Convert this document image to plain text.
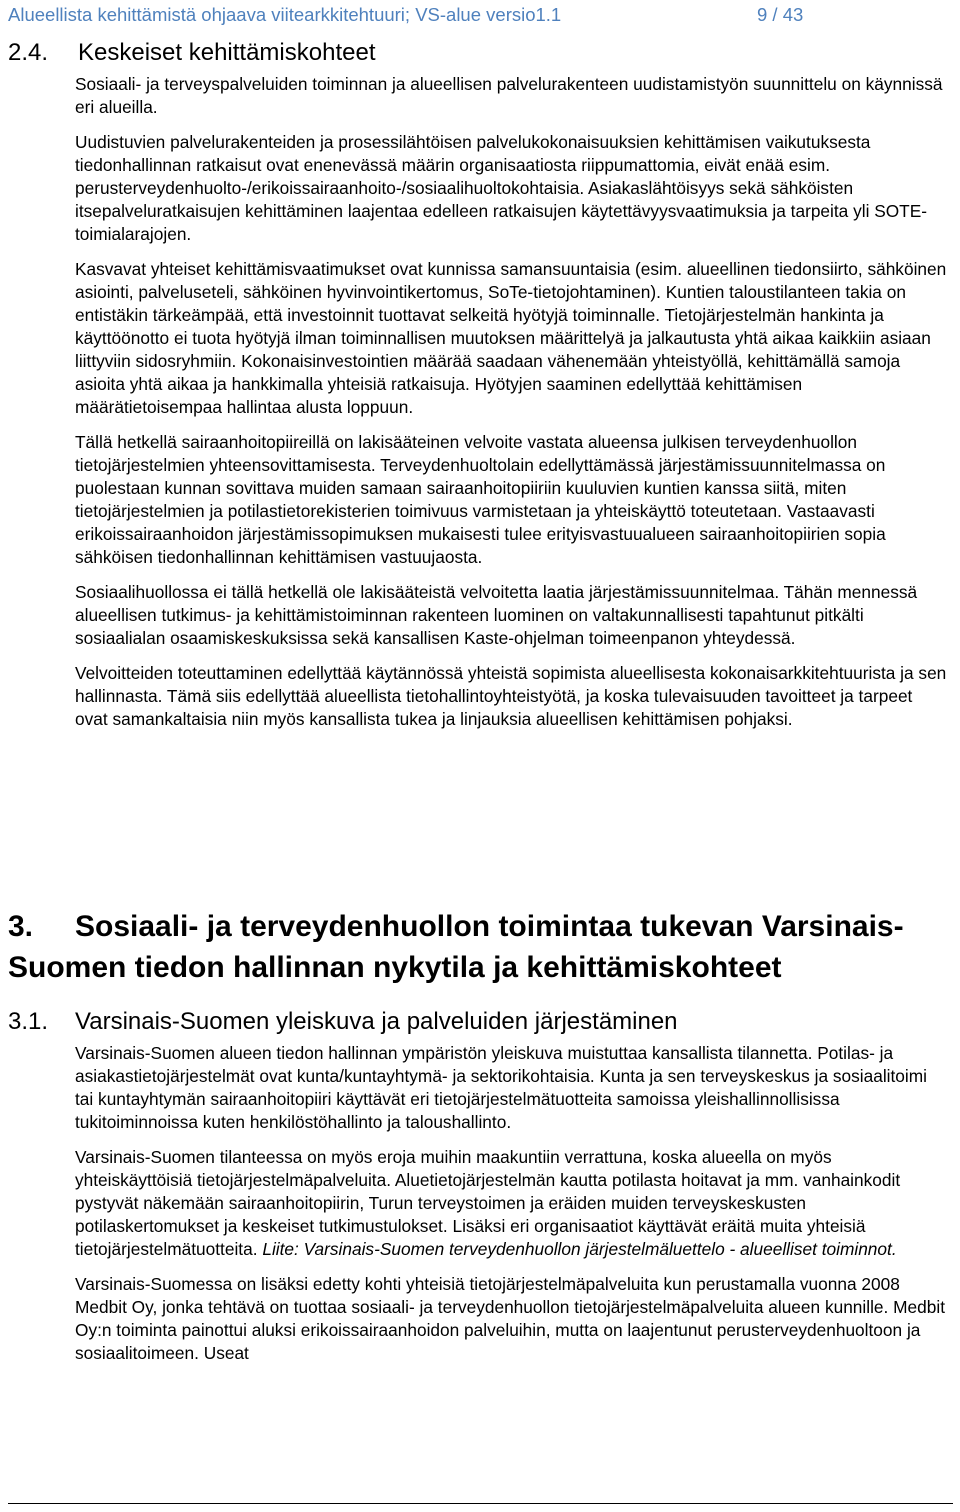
Alueellista kehittämistä ohjaava viitearkkitehtuuri; VS-alue versio1.1	9 / 43
2.4. Keskeiset kehittämiskohteet

Sosiaali- ja terveyspalveluiden toiminnan ja alueellisen palvelurakenteen uudistamistyön suunnittelu on käynnissä eri alueilla.

Uudistuvien palvelurakenteiden ja prosessilähtöisen palvelukokonaisuuksien kehittämisen vaikutuksesta tiedonhallinnan ratkaisut ovat enenevässä määrin organisaatiosta riippumattomia, eivät enää esim. perusterveydenhuolto-/erikoissairaanhoito-/sosiaalihuoltokohtaisia. Asiakaslähtöisyys sekä sähköisten itsepalveluratkaisujen kehittäminen laajentaa edelleen ratkaisujen käytettävyysvaatimuksia ja tarpeita yli SOTE-toimialarajojen.

Kasvavat yhteiset kehittämisvaatimukset ovat kunnissa samansuuntaisia (esim. alueellinen tiedonsiirto, sähköinen asiointi, palveluseteli, sähköinen hyvinvointikertomus, SoTe-tietojohtaminen). Kuntien taloustilanteen takia on entistäkin tärkeämpää, että investoinnit tuottavat selkeitä hyötyjä toiminnalle. Tietojärjestelmän hankinta ja käyttöönotto ei tuota hyötyjä ilman toiminnallisen muutoksen määrittelyä ja jalkautusta yhtä aikaa kaikkiin asiaan liittyviin sidosryhmiin. Kokonaisinvestointien määrää saadaan vähenemään yhteistyöllä, kehittämällä samoja asioita yhtä aikaa ja hankkimalla yhteisiä ratkaisuja. Hyötyjen saaminen edellyttää kehittämisen määrätietoisempaa hallintaa alusta loppuun.

Tällä hetkellä sairaanhoitopiireillä on lakisääteinen velvoite vastata alueensa julkisen terveydenhuollon tietojärjestelmien yhteensovittamisesta. Terveydenhuoltolain edellyttämässä järjestämissuunnitelmassa on puolestaan kunnan sovittava muiden samaan sairaanhoitopiiriin kuuluvien kuntien kanssa siitä, miten tietojärjestelmien ja potilastietorekisterien toimivuus varmistetaan ja yhteiskäyttö toteutetaan. Vastaavasti erikoissairaanhoidon järjestämissopimuksen mukaisesti tulee erityisvastuualueen sairaanhoitopiirien sopia sähköisen tiedonhallinnan kehittämisen vastuujaosta.

Sosiaalihuollossa ei tällä hetkellä ole lakisääteistä velvoitetta laatia järjestämissuunnitelmaa. Tähän mennessä alueellisen tutkimus- ja kehittämistoiminnan rakenteen luominen on valtakunnallisesti tapahtunut pitkälti sosiaalialan osaamiskeskuksissa sekä kansallisen Kaste-ohjelman toimeenpanon yhteydessä.

Velvoitteiden toteuttaminen edellyttää käytännössä yhteistä sopimista alueellisesta kokonaisarkkitehtuurista ja sen hallinnasta. Tämä siis edellyttää alueellista tietohallintoyhteistyötä, ja koska tulevaisuuden tavoitteet ja tarpeet ovat samankaltaisia niin myös kansallista tukea ja linjauksia alueellisen kehittämisen pohjaksi.

3. Sosiaali- ja terveydenhuollon toimintaa tukevan Varsinais-Suomen tiedon hallinnan nykytila ja kehittämiskohteet
3.1. Varsinais-Suomen yleiskuva ja palveluiden järjestäminen

Varsinais-Suomen alueen tiedon hallinnan ympäristön yleiskuva muistuttaa kansallista tilannetta. Potilas- ja asiakastietojärjestelmät ovat kunta/kuntayhtymä- ja sektorikohtaisia. Kunta ja sen terveyskeskus ja sosiaalitoimi tai kuntayhtymän sairaanhoitopiiri käyttävät eri tietojärjestelmätuotteita samoissa yleishallinnollisissa tukitoiminnoissa kuten henkilöstöhallinto ja taloushallinto.

Varsinais-Suomen tilanteessa on myös eroja muihin maakuntiin verrattuna, koska alueella on myös yhteiskäyttöisiä tietojärjestelmäpalveluita. Aluetietojärjestelmän kautta potilasta hoitavat ja mm. vanhainkodit pystyvät näkemään sairaanhoitopiirin, Turun terveystoimen ja eräiden muiden terveyskeskusten potilaskertomukset ja keskeiset tutkimustulokset. Lisäksi eri organisaatiot käyttävät eräitä muita yhteisiä tietojärjestelmätuotteita. Liite: Varsinais-Suomen terveydenhuollon järjestelmäluettelo - alueelliset toiminnot.

Varsinais-Suomessa on lisäksi edetty kohti yhteisiä tietojärjestelmäpalveluita kun perustamalla vuonna 2008 Medbit Oy, jonka tehtävä on tuottaa sosiaali- ja terveydenhuollon tietojärjestelmäpalveluita alueen kunnille. Medbit Oy:n toiminta painottui aluksi erikoissairaanhoidon palveluihin, mutta on laajentunut perusterveydenhuoltoon ja sosiaalitoimeen. Useat
